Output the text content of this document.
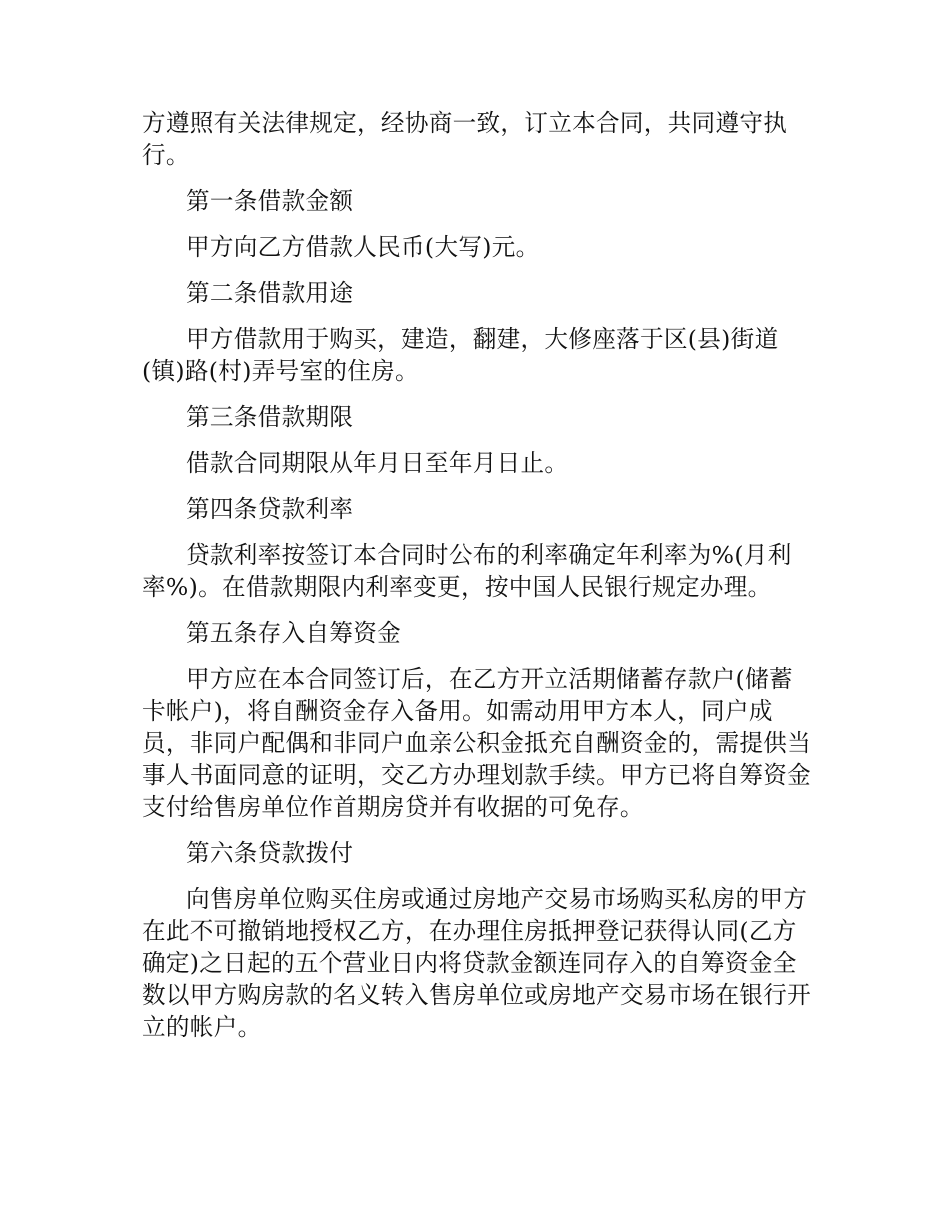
方遵照有关法律规定，经协商一致，订立本合同，共同遵守执行。

第一条借款金额

甲方向乙方借款人民币(大写)元。

第二条借款用途

甲方借款用于购买，建造，翻建，大修座落于区(县)街道(镇)路(村)弄号室的住房。

第三条借款期限

借款合同期限从年月日至年月日止。

第四条贷款利率

贷款利率按签订本合同时公布的利率确定年利率为%(月利率%)。在借款期限内利率变更，按中国人民银行规定办理。

第五条存入自筹资金

甲方应在本合同签订后，在乙方开立活期储蓄存款户(储蓄卡帐户)，将自酬资金存入备用。如需动用甲方本人，同户成员，非同户配偶和非同户血亲公积金抵充自酬资金的，需提供当事人书面同意的证明，交乙方办理划款手续。甲方已将自筹资金支付给售房单位作首期房贷并有收据的可免存。

第六条贷款拨付

向售房单位购买住房或通过房地产交易市场购买私房的甲方在此不可撤销地授权乙方，在办理住房抵押登记获得认同(乙方确定)之日起的五个营业日内将贷款金额连同存入的自筹资金全数以甲方购房款的名义转入售房单位或房地产交易市场在银行开立的帐户。
